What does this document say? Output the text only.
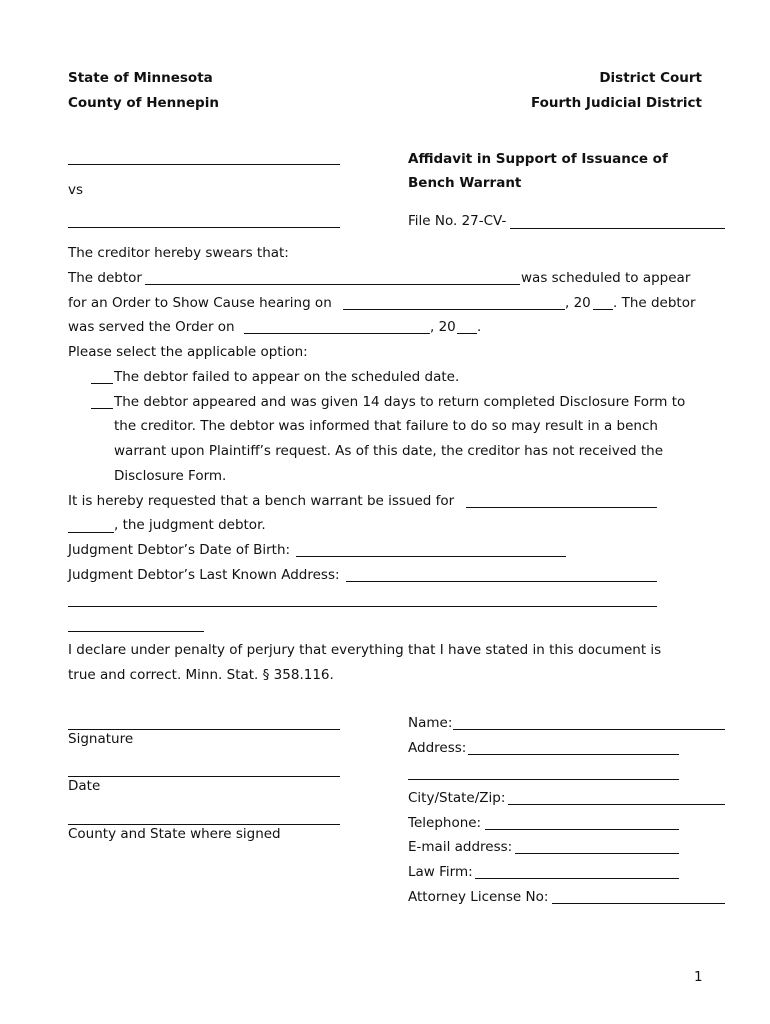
State of Minnesota
County of Hennepin
District Court
Fourth Judicial District
vs
Affidavit in Support of Issuance of
Bench Warrant
File No. 27-CV-
The creditor hereby swears that:
The debtor	was scheduled to appear
for an Order to Show Cause hearing on	, 20 . The debtor
was served the Order on	, 20 .
Please select the applicable option:
The debtor failed to appear on the scheduled date.
The debtor appeared and was given 14 days to return completed Disclosure Form to
the creditor. The debtor was informed that failure to do so may result in a bench
warrant upon Plaintiff’s request. As of this date, the creditor has not received the
Disclosure Form.
It is hereby requested that a bench warrant be issued for
, the judgment debtor.
Judgment Debtor’s Date of Birth:
Judgment Debtor’s Last Known Address:
I declare under penalty of perjury that everything that I have stated in this document is
true and correct. Minn. Stat. § 358.116.
Signature
Date
County and State where signed
Name:
Address:
City/State/Zip:
Telephone:
E-mail address:
Law Firm:
Attorney License No:
1
